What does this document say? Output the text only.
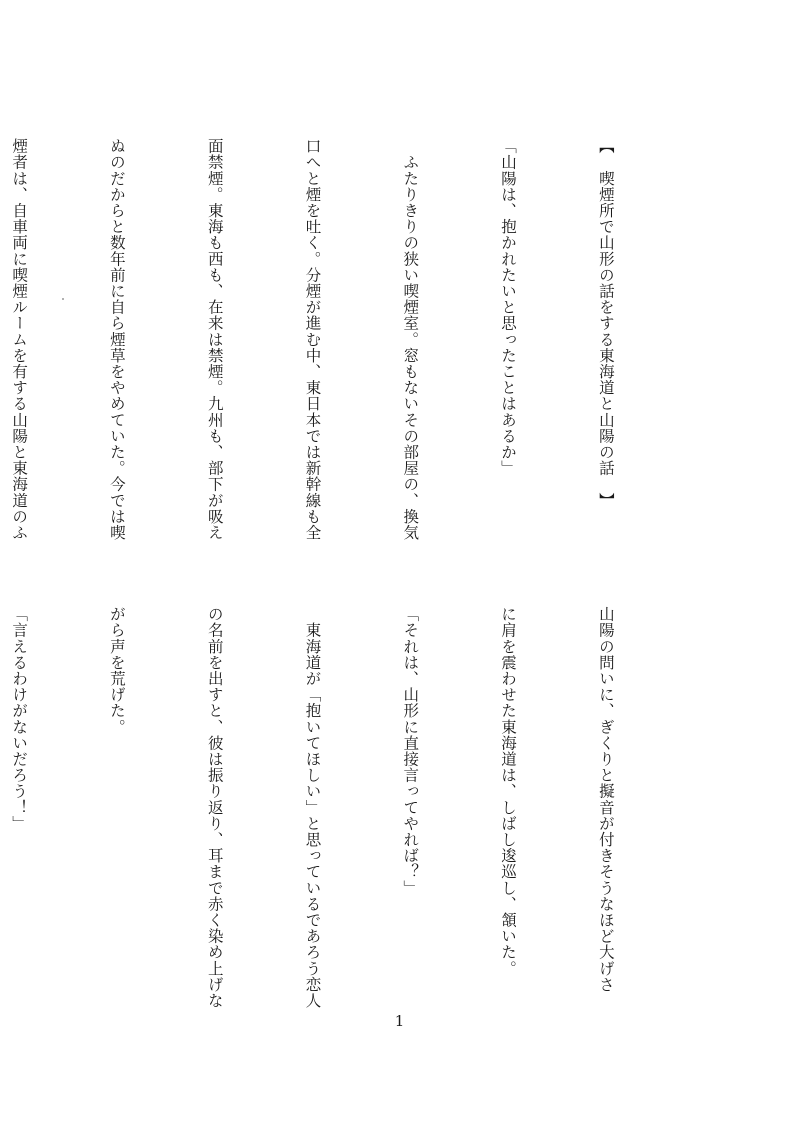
【　喫煙所で山形の話をする東海道と山陽の話　】

「山陽は、抱かれたいと思ったことはあるか」

　ふたりきりの狭い喫煙室。窓もないその部屋の、換気

口へと煙を吐く。分煙が進む中、東日本では新幹線も全

面禁煙。東海も西も、在来は禁煙。九州も、部下が吸え

ぬのだからと数年前に自ら煙草をやめていた。今では喫

煙者は、自車両に喫煙ルームを有する山陽と東海道のふ

山陽の問いに、ぎくりと擬音が付きそうなほど大げさ

に肩を震わせた東海道は、しばし逡巡し、頷いた。

「それは、山形に直接言ってやれば？」

　東海道が「抱いてほしい」と思っているであろう恋人

の名前を出すと、彼は振り返り、耳まで赤く染め上げな

がら声を荒げた。

「言えるわけがないだろう！」

1
